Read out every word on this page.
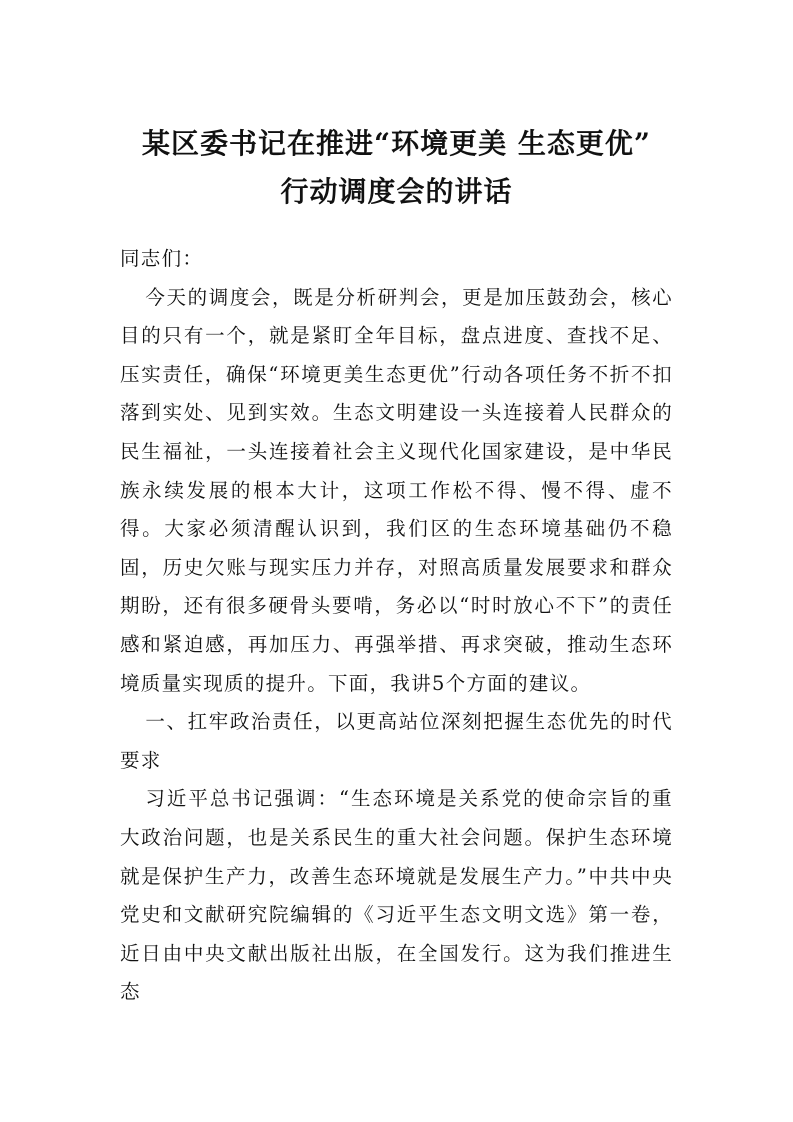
某区委书记在推进“环境更美 生态更优”
行动调度会的讲话

同志们：

今天的调度会，既是分析研判会，更是加压鼓劲会，核心目的只有一个，就是紧盯全年目标，盘点进度、查找不足、压实责任，确保“环境更美生态更优”行动各项任务不折不扣落到实处、见到实效。生态文明建设一头连接着人民群众的民生福祉，一头连接着社会主义现代化国家建设，是中华民族永续发展的根本大计，这项工作松不得、慢不得、虚不得。大家必须清醒认识到，我们区的生态环境基础仍不稳固，历史欠账与现实压力并存，对照高质量发展要求和群众期盼，还有很多硬骨头要啃，务必以“时时放心不下”的责任感和紧迫感，再加压力、再强举措、再求突破，推动生态环境质量实现质的提升。下面，我讲5个方面的建议。

一、扛牢政治责任，以更高站位深刻把握生态优先的时代要求

习近平总书记强调：“生态环境是关系党的使命宗旨的重大政治问题，也是关系民生的重大社会问题。保护生态环境就是保护生产力，改善生态环境就是发展生产力。”中共中央党史和文献研究院编辑的《习近平生态文明文选》第一卷，近日由中央文献出版社出版，在全国发行。这为我们推进生态
